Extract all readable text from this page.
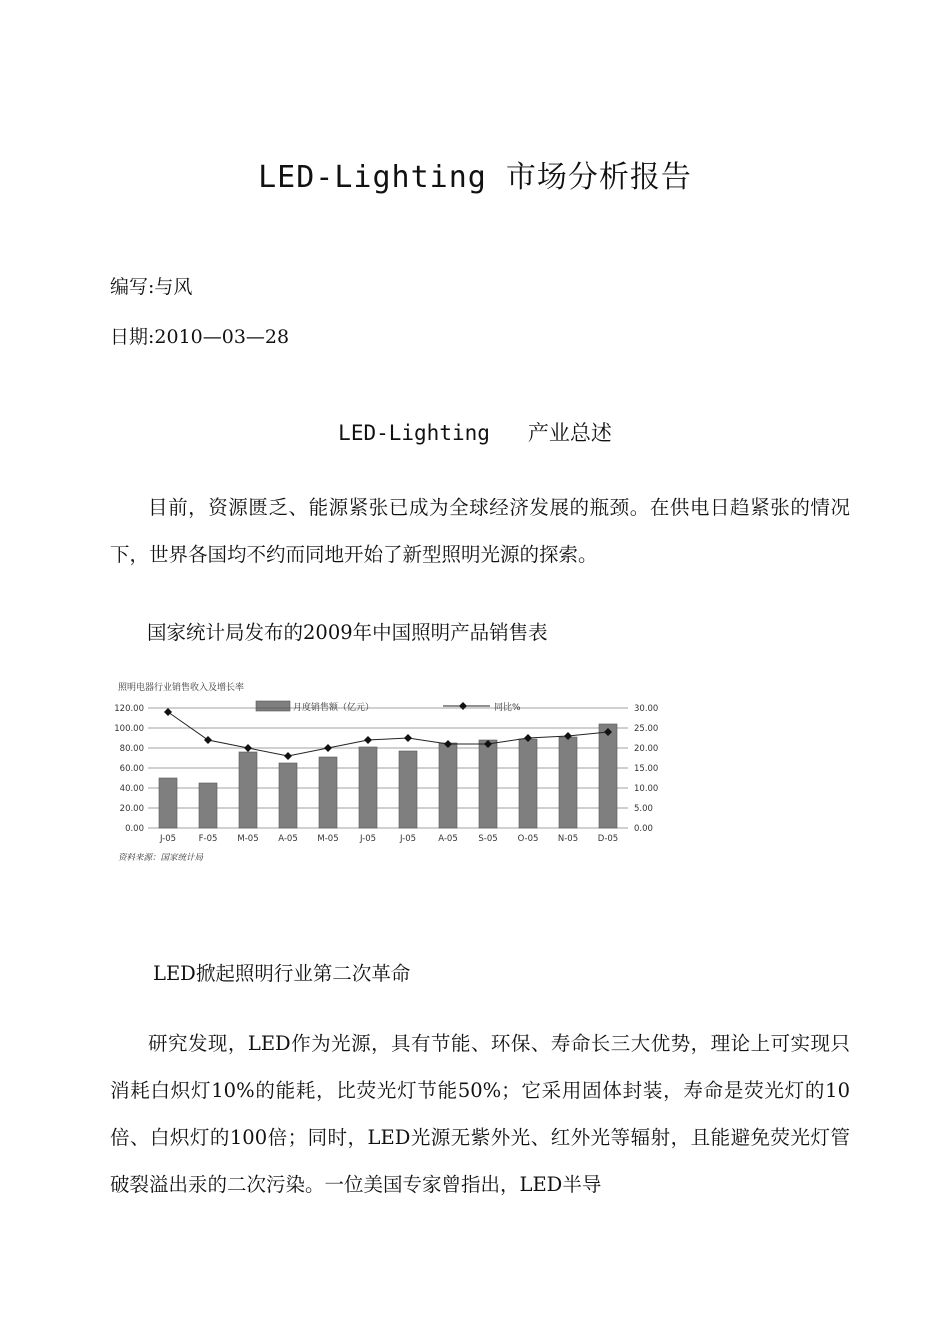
LED-Lighting 市场分析报告
编写:与风
日期:2010—03—28
LED-Lighting   产业总述

目前，资源匮乏、能源紧张已成为全球经济发展的瓶颈。在供电日趋紧张的情况下，世界各国均不约而同地开始了新型照明光源的探索。

国家统计局发布的2009年中国照明产品销售表
照明电器行业销售收入及增长率
月度销售额（亿元）	同比%
0.00
20.00
40.00
60.00
80.00
100.00
120.00
0.00
5.00
10.00
15.00
20.00
25.00
30.00
J-05	F-05 M-05 A-05 M-05	J-05	J-05	A-05 S-05 O-05 N-05 D-05
资料来源：国家统计局
LED掀起照明行业第二次革命

研究发现，LED作为光源，具有节能、环保、寿命长三大优势，理论上可实现只消耗白炽灯10%的能耗，比荧光灯节能50%；它采用固体封装，寿命是荧光灯的10倍、白炽灯的100倍；同时，LED光源无紫外光、红外光等辐射，且能避免荧光灯管破裂溢出汞的二次污染。一位美国专家曾指出，LED半导
